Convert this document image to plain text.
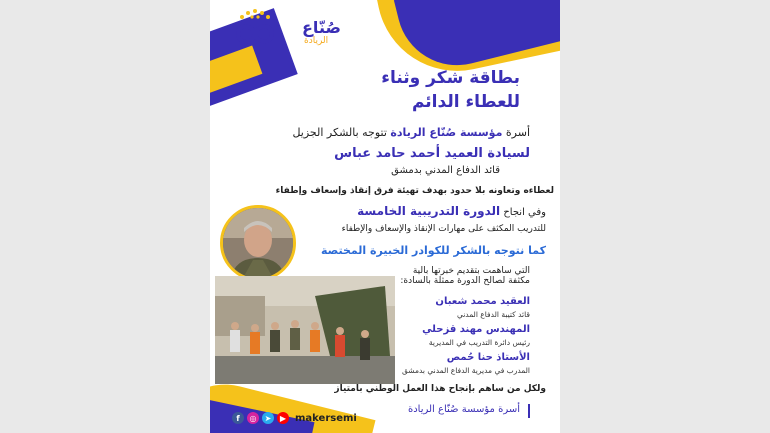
صُنّاع
الريادة
بطاقة شكر وثناء
للعطاء الدائم
أسرة مؤسسة صُنّاع الريادة تتوجه بالشكر الجزيل
لسيادة العميد أحمد حامد عباس
قائد الدفاع المدني بدمشق
لعطاءه وتعاونه بلا حدود بهدف تهيئة فرق إنقاذ وإسعاف وإطفاء
وفي انجاح الدورة التدريبية الخامسة
للتدريب المكثف على مهارات الإنقاذ والإسعاف والإطفاء
كما نتوجه بالشكر للكوادر الخبيرة المختصة
التي ساهمت بتقديم خبرتها بالية مكثفة لصالح الدورة ممثلة بالسادة:
العقيد محمد شعبان
قائد كتيبة الدفاع المدني
المهندس مهند قزحلي
رئيس دائرة التدريب في المديرية
الأستاذ حنا حُمص
المدرب في مديرية الدفاع المدني بدمشق
ولكل من ساهم بإنجاح هذا العمل الوطني بامتياز
أسرة مؤسسة صُنّاع الريادة
f	◎	➤	▶ makersemi
